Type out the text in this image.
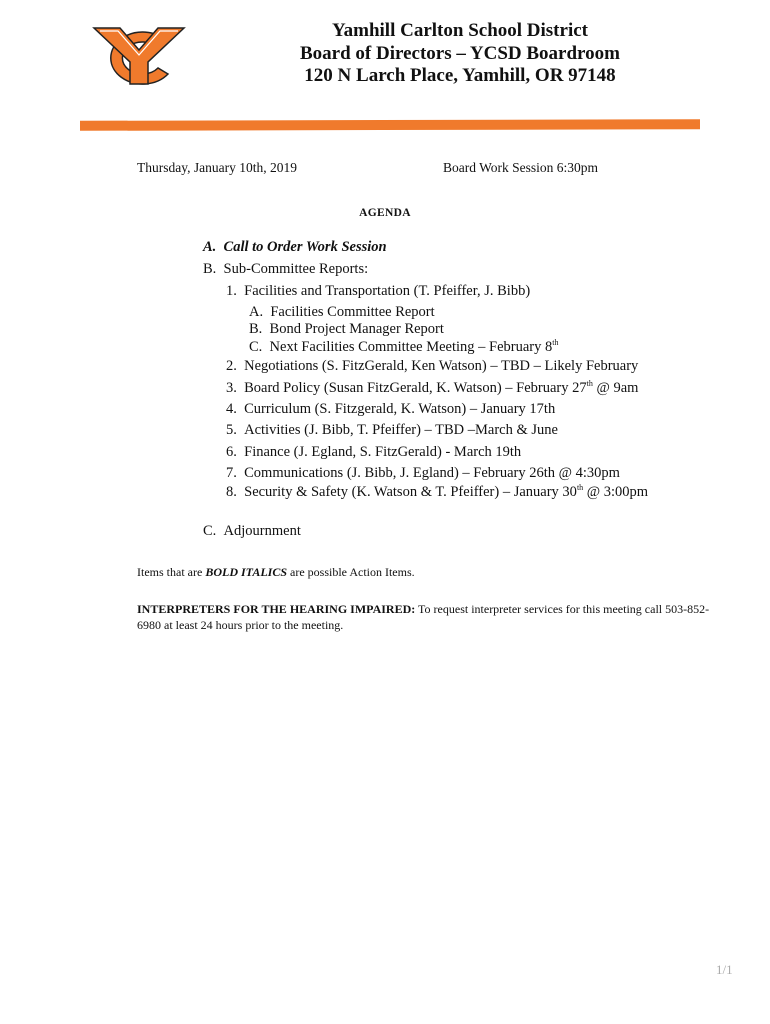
Yamhill Carlton School District
Board of Directors – YCSD Boardroom
120 N Larch Place, Yamhill, OR 97148
Thursday, January 10th, 2019	Board Work Session 6:30pm
AGENDA
A. Call to Order Work Session
B. Sub-Committee Reports:
1. Facilities and Transportation (T. Pfeiffer, J. Bibb)
A. Facilities Committee Report
B. Bond Project Manager Report
C. Next Facilities Committee Meeting – February 8th
2. Negotiations (S. FitzGerald, Ken Watson) – TBD – Likely February
3. Board Policy (Susan FitzGerald, K. Watson) – February 27th @ 9am
4. Curriculum (S. Fitzgerald, K. Watson) – January 17th
5. Activities (J. Bibb, T. Pfeiffer) – TBD –March & June
6. Finance (J. Egland, S. FitzGerald) - March 19th
7. Communications (J. Bibb, J. Egland) – February 26th @ 4:30pm
8. Security & Safety (K. Watson & T. Pfeiffer) – January 30th @ 3:00pm
C. Adjournment
Items that are BOLD ITALICS are possible Action Items.
INTERPRETERS FOR THE HEARING IMPAIRED: To request interpreter services for this meeting call 503-852-6980 at least 24 hours prior to the meeting.
1/1
